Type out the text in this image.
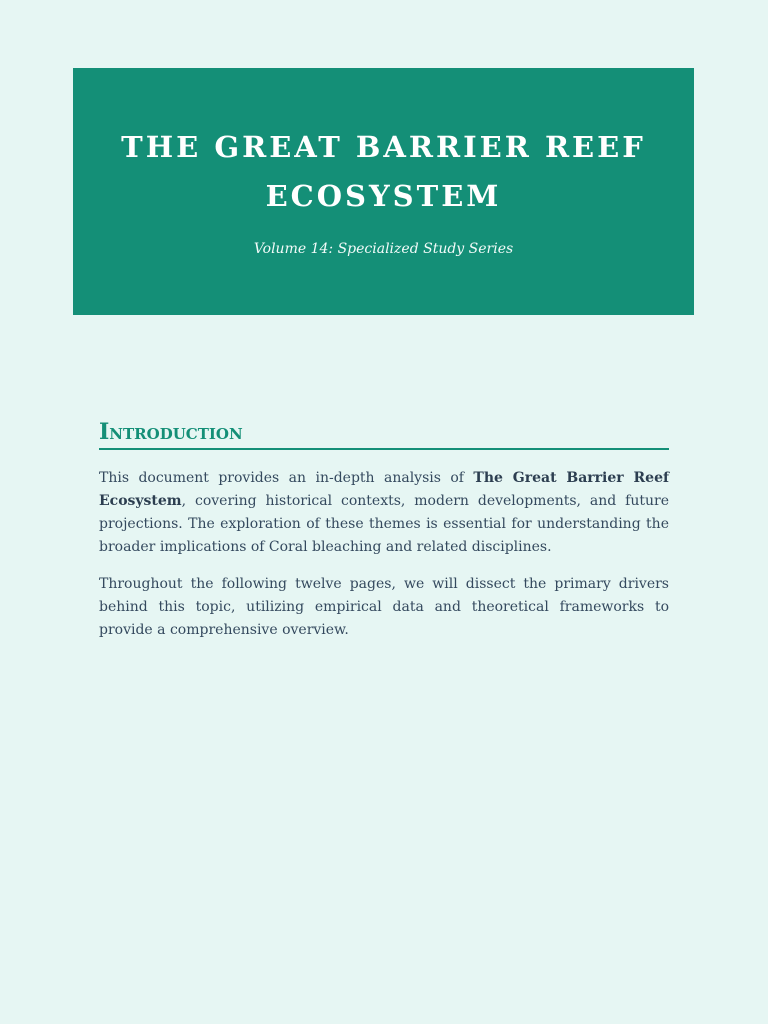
THE GREAT BARRIER REEF ECOSYSTEM
Volume 14: Specialized Study Series
Introduction

This document provides an in-depth analysis of The Great Barrier Reef Ecosystem, covering historical contexts, modern developments, and future projections. The exploration of these themes is essential for understanding the broader implications of Coral bleaching and related disciplines.

Throughout the following twelve pages, we will dissect the primary drivers behind this topic, utilizing empirical data and theoretical frameworks to provide a comprehensive overview.
